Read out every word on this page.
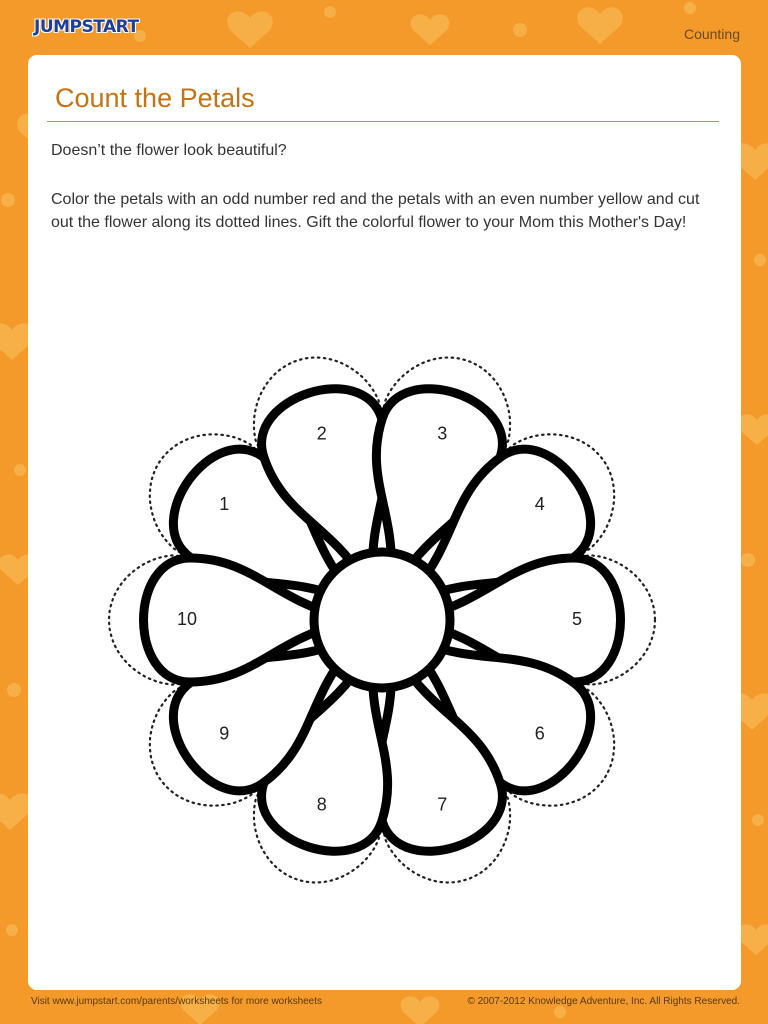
JUMPSTART	Counting
Count the Petals

Doesn’t the flower look beautiful?

Color the petals with an odd number red and the petals with an even number yellow and cut out the flower along its dotted lines. Gift the colorful flower to your Mom this Mother's Day!

1
2	3
4
5
6
7
8
9
10
Visit www.jumpstart.com/parents/worksheets for more worksheets	© 2007-2012 Knowledge Adventure, Inc. All Rights Reserved.
